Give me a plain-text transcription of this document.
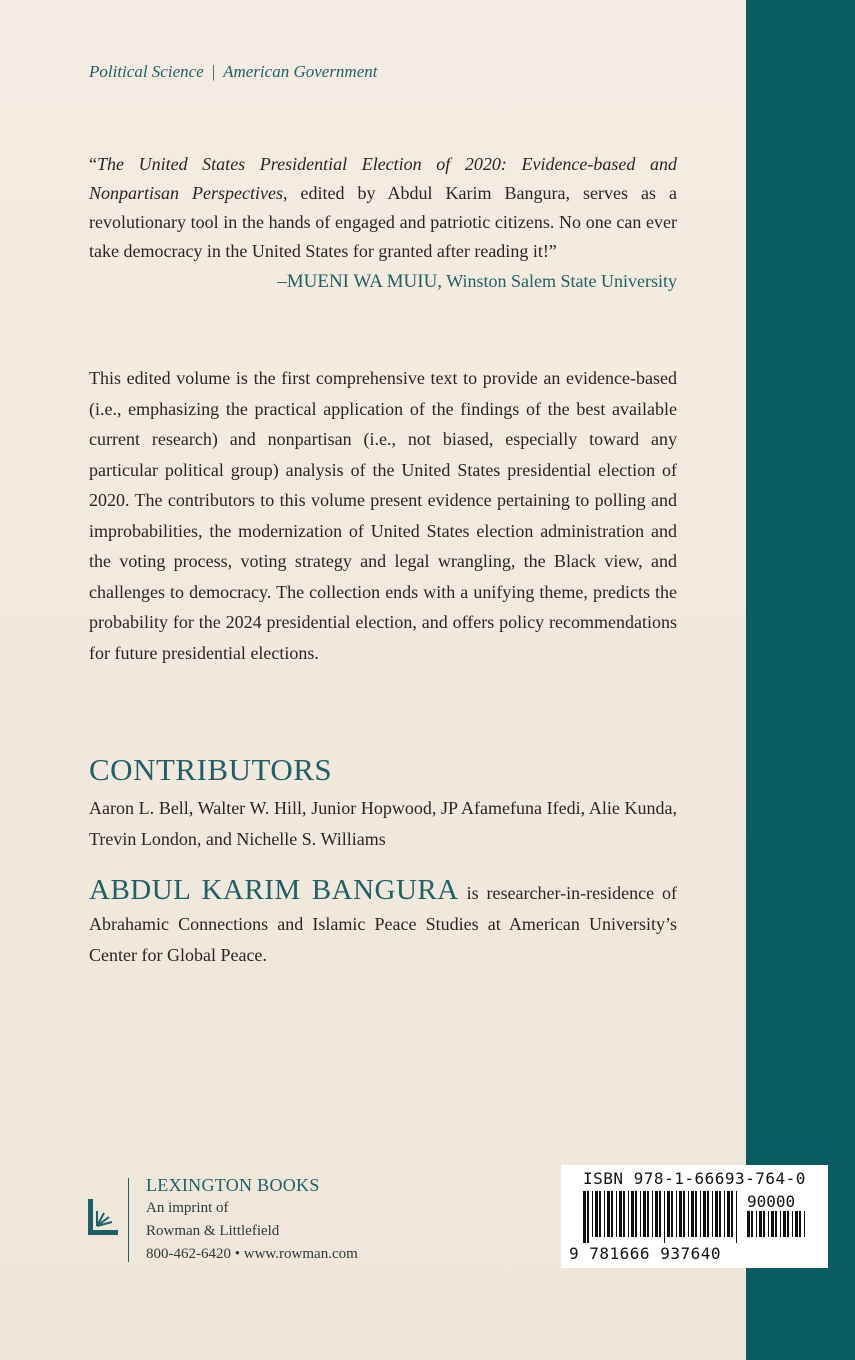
Political Science | American Government

“The United States Presidential Election of 2020: Evidence-based and Nonpartisan Perspectives, edited by Abdul Karim Bangura, serves as a revolutionary tool in the hands of engaged and patriotic citizens. No one can ever take democracy in the United States for granted after reading it!”

–MUENI WA MUIU, Winston Salem State University

This edited volume is the first comprehensive text to provide an evidence-based (i.e., emphasizing the practical application of the findings of the best available current research) and nonpartisan (i.e., not biased, especially toward any particular political group) analysis of the United States presidential election of 2020. The contributors to this volume present evidence pertaining to polling and improbabilities, the modernization of United States election administration and the voting process, voting strategy and legal wrangling, the Black view, and challenges to democracy. The collection ends with a unifying theme, predicts the probability for the 2024 presidential election, and offers policy recommendations for future presidential elections.

CONTRIBUTORS

Aaron L. Bell, Walter W. Hill, Junior Hopwood, JP Afamefuna Ifedi, Alie Kunda, Trevin London, and Nichelle S. Williams

ABDUL KARIM BANGURA is researcher-in-residence of Abrahamic Connections and Islamic Peace Studies at American University’s Center for Global Peace.

LEXINGTON BOOKS
An imprint of
Rowman & Littlefield
800-462-6420 • www.rowman.com
ISBN 978-1-66693-764-0
90000
9 781666 937640
